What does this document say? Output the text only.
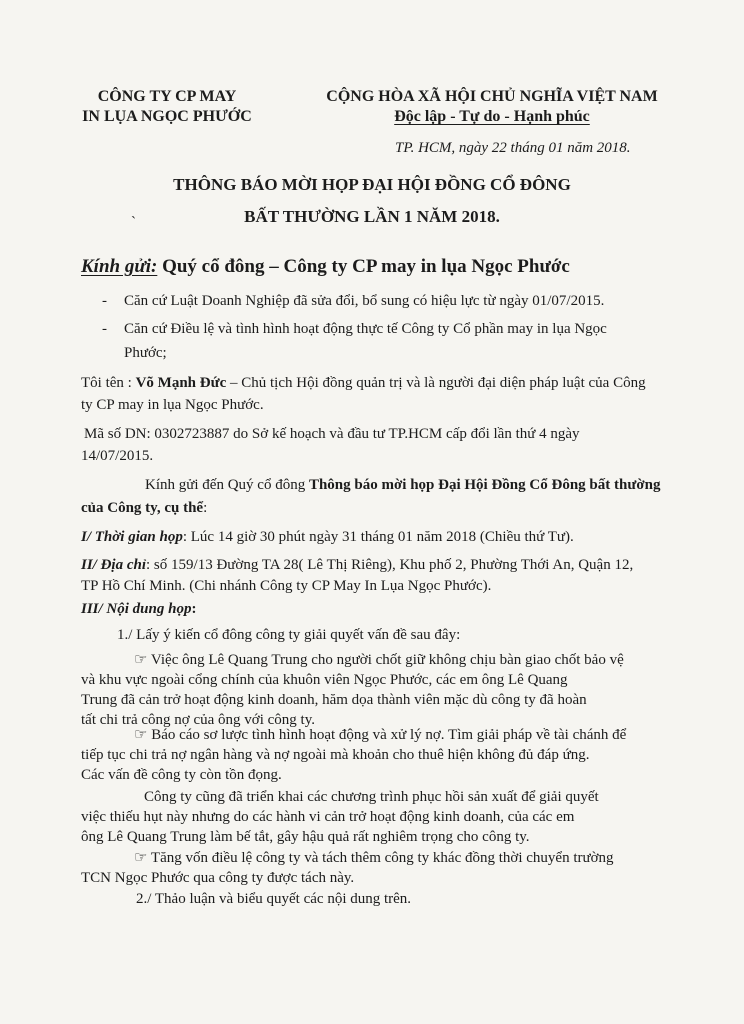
CÔNG TY CP MAY
IN LỤA NGỌC PHƯỚC
CỘNG HÒA XÃ HỘI CHỦ NGHĨA VIỆT NAM
Độc lập - Tự do - Hạnh phúc
TP. HCM, ngày 22 tháng 01 năm 2018.
THÔNG BÁO MỜI HỌP ĐẠI HỘI ĐỒNG CỔ ĐÔNG
˴	BẤT THƯỜNG LẦN 1 NĂM 2018.
Kính gửi: Quý cổ đông – Công ty CP may in lụa Ngọc Phước
- Căn cứ Luật Doanh Nghiệp đã sửa đổi, bổ sung có hiệu lực từ ngày 01/07/2015.
- Căn cứ Điều lệ và tình hình hoạt động thực tế Công ty Cổ phần may in lụa Ngọc
Phước;
Tôi tên : Võ Mạnh Đức – Chủ tịch Hội đồng quản trị và là người đại diện pháp luật của Công
ty CP may in lụa Ngọc Phước.
Mã số DN: 0302723887 do Sở kế hoạch và đầu tư TP.HCM cấp đổi lần thứ 4 ngày
14/07/2015.
Kính gửi đến Quý cổ đông Thông báo mời họp Đại Hội Đồng Cổ Đông bất thường
của Công ty, cụ thể:
I/ Thời gian họp: Lúc 14 giờ 30 phút ngày 31 tháng 01 năm 2018 (Chiều thứ Tư).
II/ Địa chỉ: số 159/13 Đường TA 28( Lê Thị Riêng), Khu phố 2, Phường Thới An, Quận 12,
TP Hồ Chí Minh. (Chi nhánh Công ty CP May In Lụa Ngọc Phước).
III/ Nội dung họp:
1./ Lấy ý kiến cổ đông công ty giải quyết vấn đề sau đây:
☞ Việc ông Lê Quang Trung cho người chốt giữ không chịu bàn giao chốt bảo vệ
và khu vực ngoài cổng chính của khuôn viên Ngọc Phước, các em ông Lê Quang
Trung đã cản trở hoạt động kinh doanh, hăm dọa thành viên mặc dù công ty đã hoàn
tất chi trả công nợ của ông với công ty.
☞ Báo cáo sơ lược tình hình hoạt động và xử lý nợ. Tìm giải pháp về tài chánh để
tiếp tục chi trả nợ ngân hàng và nợ ngoài mà khoản cho thuê hiện không đủ đáp ứng.
Các vấn đề công ty còn tồn đọng.
Công ty cũng đã triển khai các chương trình phục hồi sản xuất để giải quyết
việc thiếu hụt này nhưng do các hành vi cản trở hoạt động kinh doanh, của các em
ông Lê Quang Trung làm bế tắt, gây hậu quả rất nghiêm trọng cho công ty.
☞ Tăng vốn điều lệ công ty và tách thêm công ty khác đồng thời chuyển trường
TCN Ngọc Phước qua công ty được tách này.
2./ Thảo luận và biểu quyết các nội dung trên.
